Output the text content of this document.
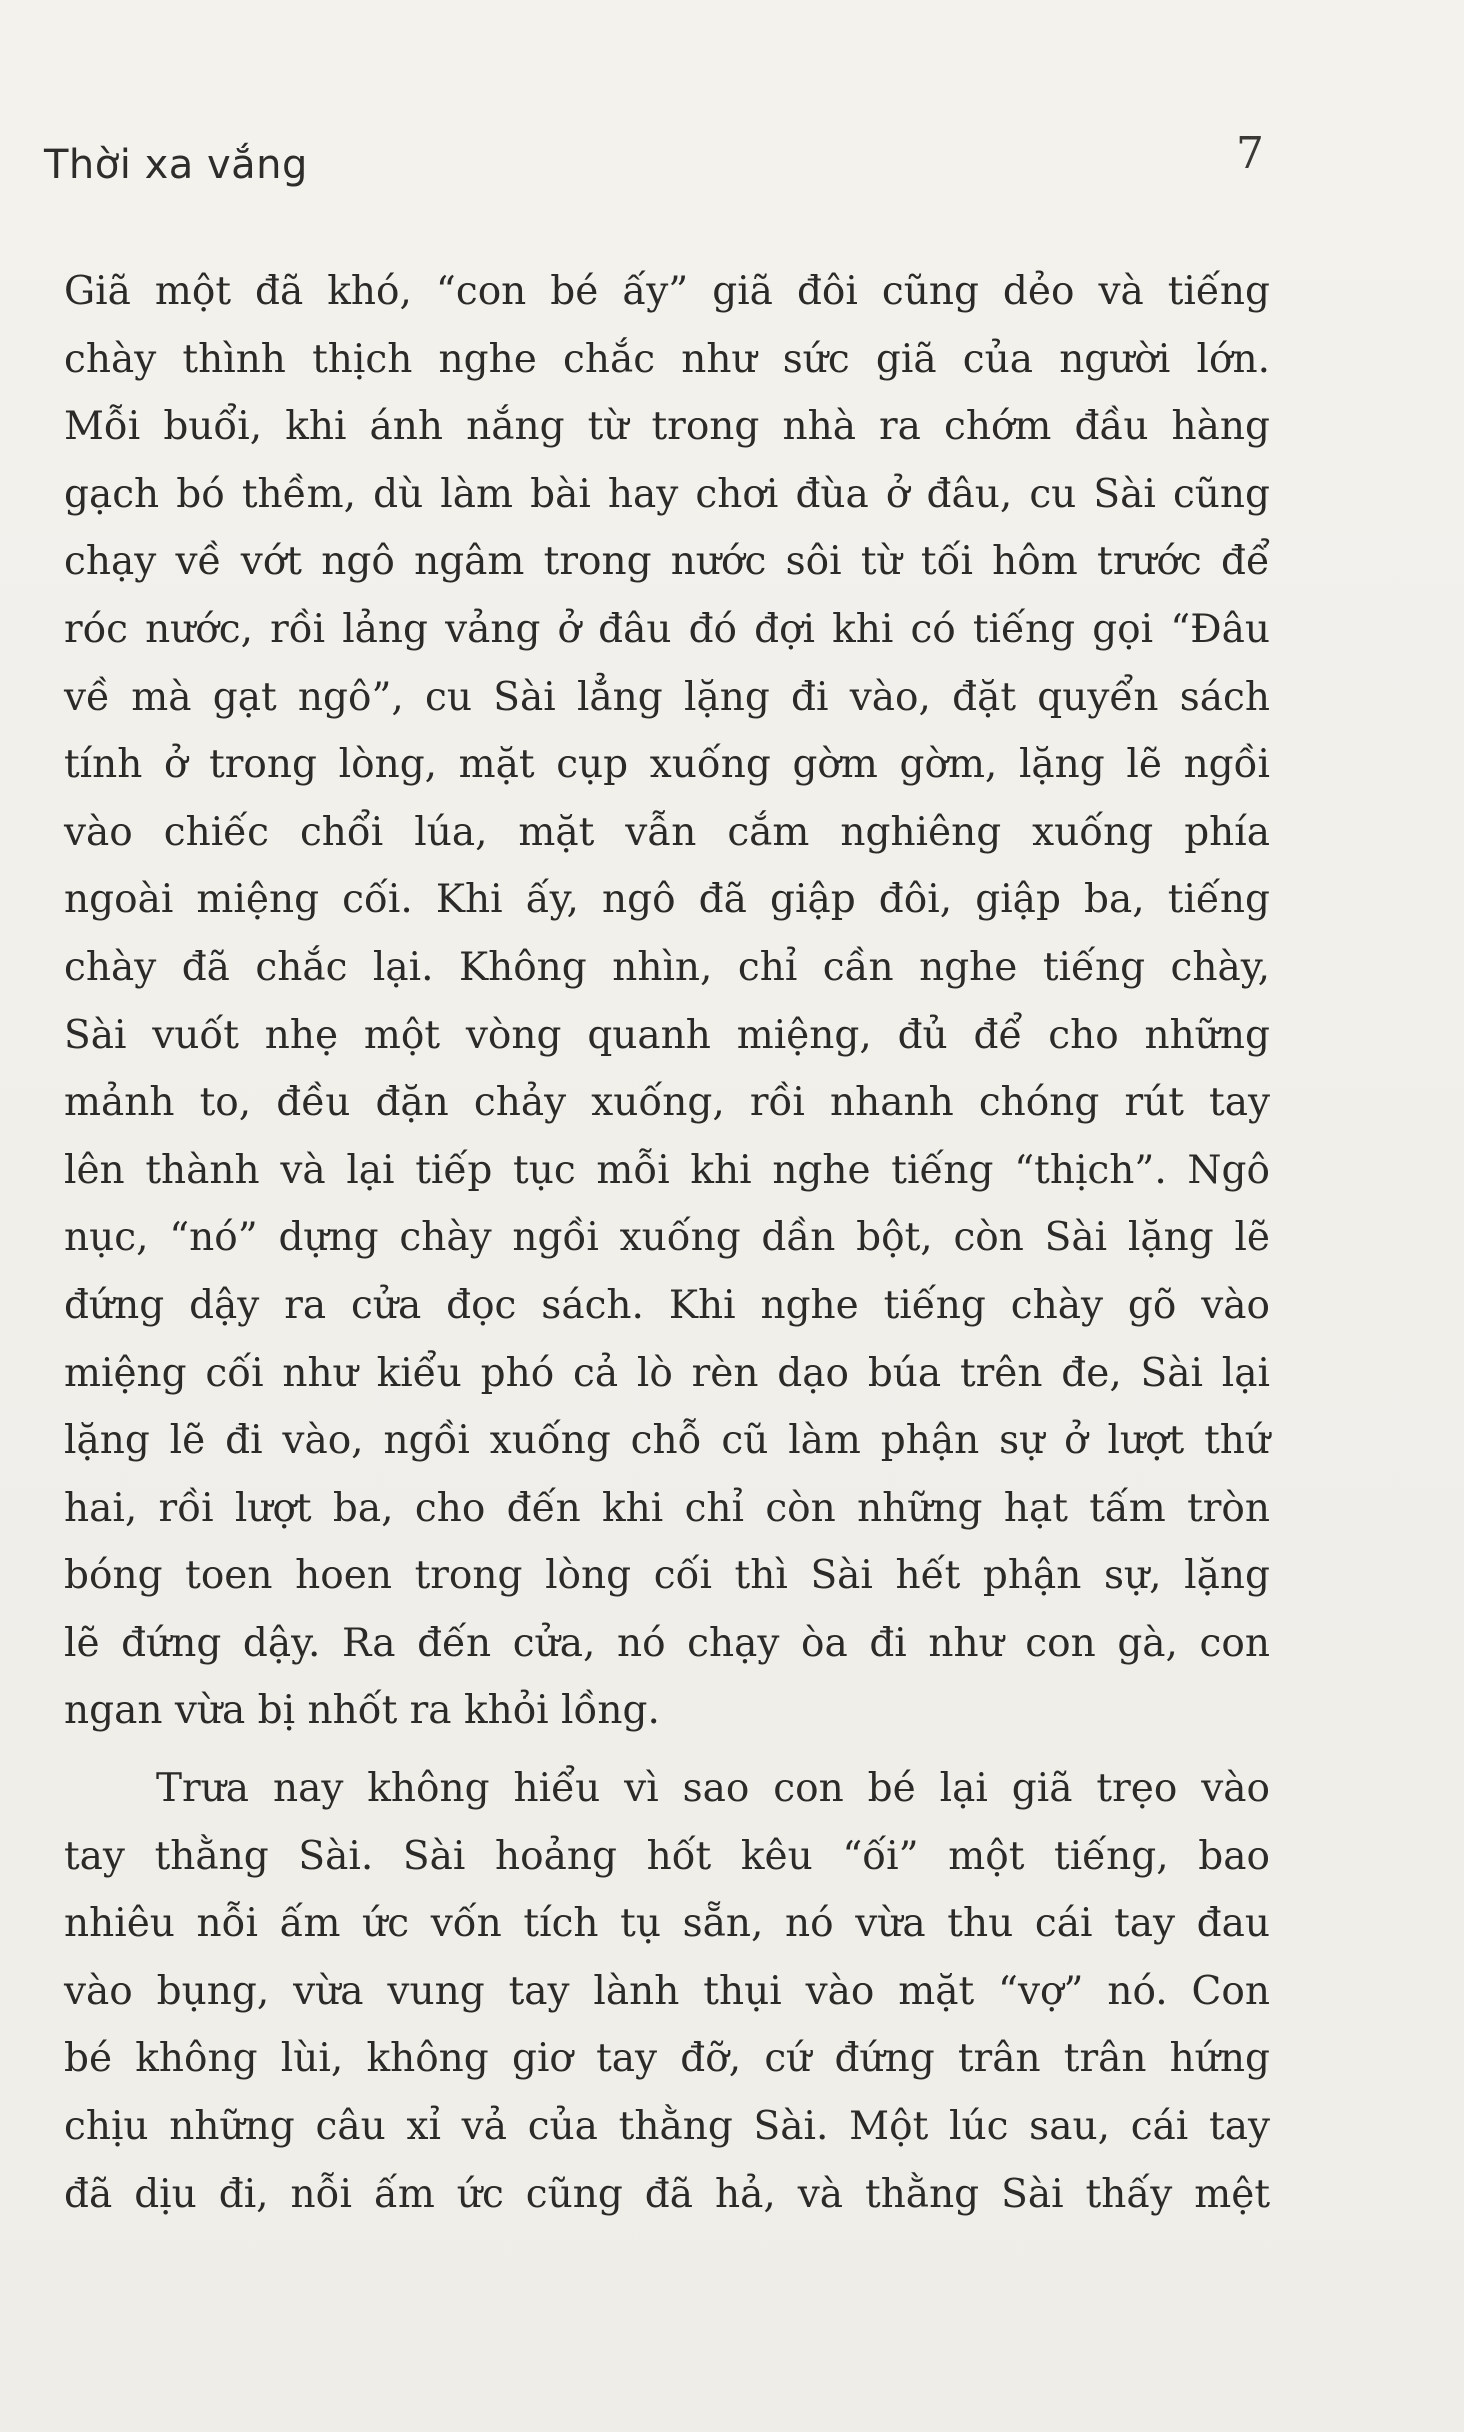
Thời xa vắng	7
Giã một đã khó, “con bé ấy” giã đôi cũng dẻo và tiếng
chày thình thịch nghe chắc như sức giã của người lớn.
Mỗi buổi, khi ánh nắng từ trong nhà ra chớm đầu hàng
gạch bó thềm, dù làm bài hay chơi đùa ở đâu, cu Sài cũng
chạy về vớt ngô ngâm trong nước sôi từ tối hôm trước để
róc nước, rồi lảng vảng ở đâu đó đợi khi có tiếng gọi “Đâu
về mà gạt ngô”, cu Sài lẳng lặng đi vào, đặt quyển sách
tính ở trong lòng, mặt cụp xuống gờm gờm, lặng lẽ ngồi
vào chiếc chổi lúa, mặt vẫn cắm nghiêng xuống phía
ngoài miệng cối. Khi ấy, ngô đã giập đôi, giập ba, tiếng
chày đã chắc lại. Không nhìn, chỉ cần nghe tiếng chày,
Sài vuốt nhẹ một vòng quanh miệng, đủ để cho những
mảnh to, đều đặn chảy xuống, rồi nhanh chóng rút tay
lên thành và lại tiếp tục mỗi khi nghe tiếng “thịch”. Ngô
nục, “nó” dựng chày ngồi xuống dần bột, còn Sài lặng lẽ
đứng dậy ra cửa đọc sách. Khi nghe tiếng chày gõ vào
miệng cối như kiểu phó cả lò rèn dạo búa trên đe, Sài lại
lặng lẽ đi vào, ngồi xuống chỗ cũ làm phận sự ở lượt thứ
hai, rồi lượt ba, cho đến khi chỉ còn những hạt tấm tròn
bóng toen hoen trong lòng cối thì Sài hết phận sự, lặng
lẽ đứng dậy. Ra đến cửa, nó chạy òa đi như con gà, con
ngan vừa bị nhốt ra khỏi lồng.
Trưa nay không hiểu vì sao con bé lại giã trẹo vào
tay thằng Sài. Sài hoảng hốt kêu “ối” một tiếng, bao
nhiêu nỗi ấm ức vốn tích tụ sẵn, nó vừa thu cái tay đau
vào bụng, vừa vung tay lành thụi vào mặt “vợ” nó. Con
bé không lùi, không giơ tay đỡ, cứ đứng trân trân hứng
chịu những câu xỉ vả của thằng Sài. Một lúc sau, cái tay
đã dịu đi, nỗi ấm ức cũng đã hả, và thằng Sài thấy mệt
